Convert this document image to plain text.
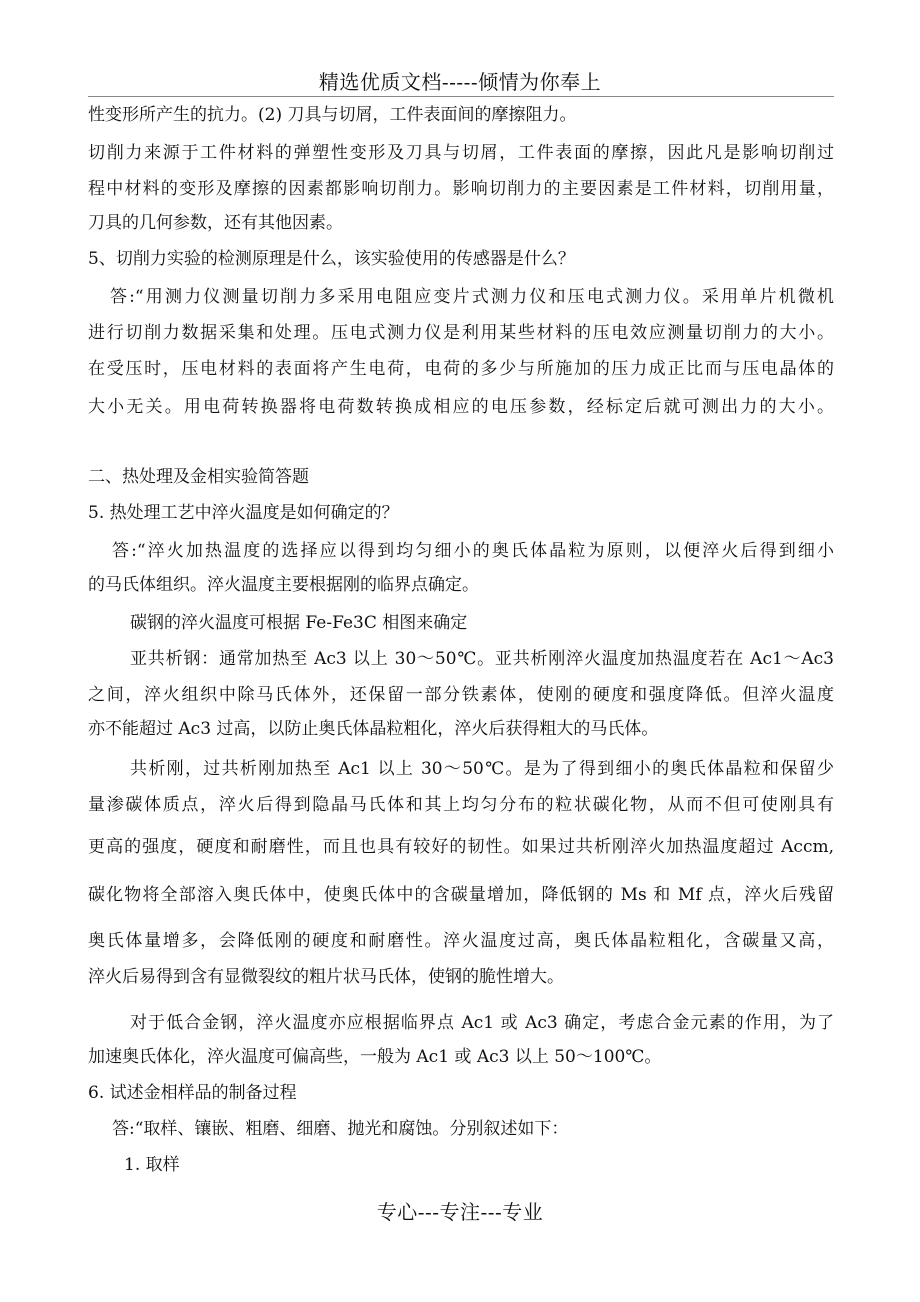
精选优质文档-----倾情为你奉上
性变形所产生的抗力。(2) 刀具与切屑，工件表面间的摩擦阻力。
切削力来源于工件材料的弹塑性变形及刀具与切屑，工件表面的摩擦，因此凡是影响切削过
程中材料的变形及摩擦的因素都影响切削力。影响切削力的主要因素是工件材料，切削用量，
刀具的几何参数，还有其他因素。
5、切削力实验的检测原理是什么，该实验使用的传感器是什么？
答:“用测力仪测量切削力多采用电阻应变片式测力仪和压电式测力仪。采用单片机微机
进行切削力数据采集和处理。压电式测力仪是利用某些材料的压电效应测量切削力的大小。
在受压时，压电材料的表面将产生电荷，电荷的多少与所施加的压力成正比而与压电晶体的
大小无关。用电荷转换器将电荷数转换成相应的电压参数，经标定后就可测出力的大小。
二、热处理及金相实验简答题
5. 热处理工艺中淬火温度是如何确定的？
答:“淬火加热温度的选择应以得到均匀细小的奥氏体晶粒为原则，以便淬火后得到细小
的马氏体组织。淬火温度主要根据刚的临界点确定。
碳钢的淬火温度可根据 Fe-Fe3C 相图来确定
亚共析钢：通常加热至 Ac3 以上 30～50℃。亚共析刚淬火温度加热温度若在 Ac1～Ac3
之间，淬火组织中除马氏体外，还保留一部分铁素体，使刚的硬度和强度降低。但淬火温度
亦不能超过 Ac3 过高，以防止奥氏体晶粒粗化，淬火后获得粗大的马氏体。
共析刚，过共析刚加热至 Ac1 以上 30～50℃。是为了得到细小的奥氏体晶粒和保留少
量渗碳体质点，淬火后得到隐晶马氏体和其上均匀分布的粒状碳化物，从而不但可使刚具有
更高的强度，硬度和耐磨性，而且也具有较好的韧性。如果过共析刚淬火加热温度超过 Accm,
碳化物将全部溶入奥氏体中，使奥氏体中的含碳量增加，降低钢的 Ms 和 Mf 点，淬火后残留
奥氏体量增多，会降低刚的硬度和耐磨性。淬火温度过高，奥氏体晶粒粗化，含碳量又高，
淬火后易得到含有显微裂纹的粗片状马氏体，使钢的脆性增大。
对于低合金钢，淬火温度亦应根据临界点 Ac1 或 Ac3 确定，考虑合金元素的作用，为了
加速奥氏体化，淬火温度可偏高些，一般为 Ac1 或 Ac3 以上 50～100℃。
6. 试述金相样品的制备过程
答:“取样、镶嵌、粗磨、细磨、抛光和腐蚀。分别叙述如下：
1. 取样
专心---专注---专业
